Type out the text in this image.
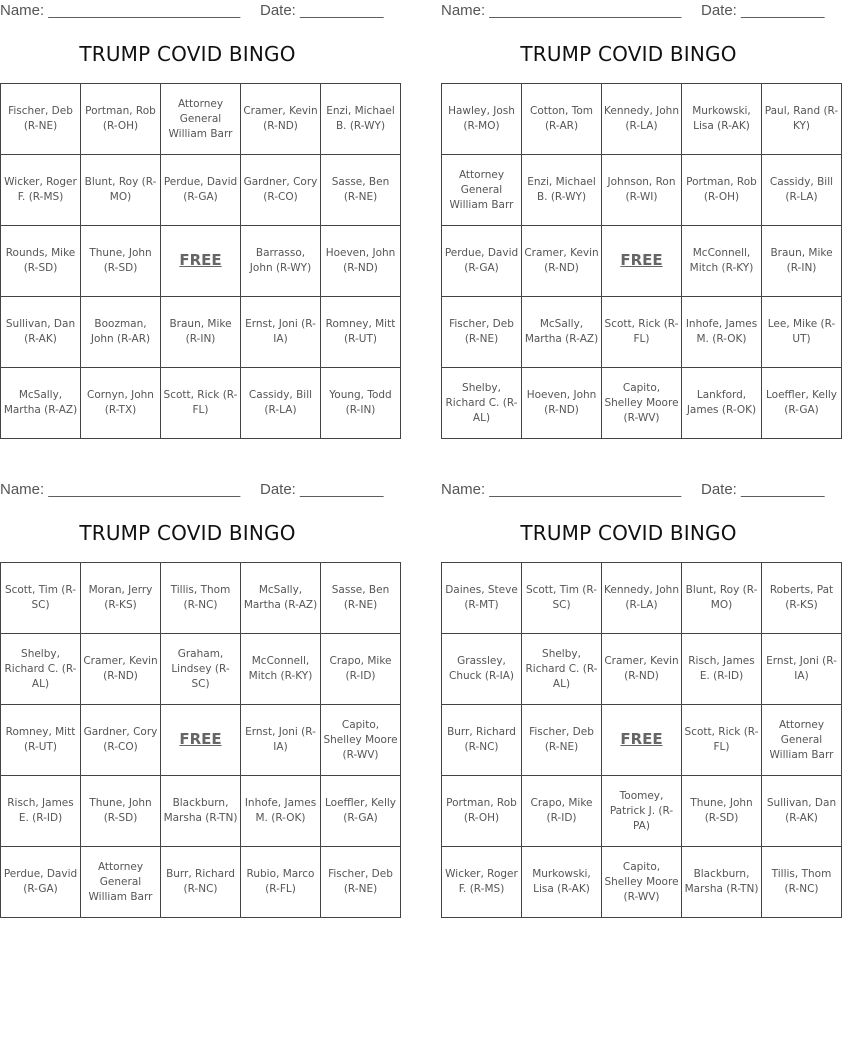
Name: _______________________ Date: __________
TRUMP COVID BINGO
Fischer, Deb (R-NE)	Portman, Rob (R-OH)	Attorney General William Barr	Cramer, Kevin (R-ND)	Enzi, Michael B. (R-WY)
Wicker, Roger F. (R-MS)	Blunt, Roy (R-MO)	Perdue, David (R-GA)	Gardner, Cory (R-CO)	Sasse, Ben (R-NE)
Rounds, Mike (R-SD)	Thune, John (R-SD)	FREE	Barrasso, John (R-WY)	Hoeven, John (R-ND)
Sullivan, Dan (R-AK)	Boozman, John (R-AR)	Braun, Mike (R-IN)	Ernst, Joni (R-IA)	Romney, Mitt (R-UT)
McSally, Martha (R-AZ)	Cornyn, John (R-TX)	Scott, Rick (R-FL)	Cassidy, Bill (R-LA)	Young, Todd (R-IN)
Name: _______________________ Date: __________
TRUMP COVID BINGO
Hawley, Josh (R-MO)	Cotton, Tom (R-AR)	Kennedy, John (R-LA)	Murkowski, Lisa (R-AK)	Paul, Rand (R-KY)
Attorney General William Barr	Enzi, Michael B. (R-WY)	Johnson, Ron (R-WI)	Portman, Rob (R-OH)	Cassidy, Bill (R-LA)
Perdue, David (R-GA)	Cramer, Kevin (R-ND)	FREE	McConnell, Mitch (R-KY)	Braun, Mike (R-IN)
Fischer, Deb (R-NE)	McSally, Martha (R-AZ)	Scott, Rick (R-FL)	Inhofe, James M. (R-OK)	Lee, Mike (R-UT)
Shelby, Richard C. (R-AL)	Hoeven, John (R-ND)	Capito, Shelley Moore (R-WV)	Lankford, James (R-OK)	Loeffler, Kelly (R-GA)
Name: _______________________ Date: __________
TRUMP COVID BINGO
Scott, Tim (R-SC)	Moran, Jerry (R-KS)	Tillis, Thom (R-NC)	McSally, Martha (R-AZ)	Sasse, Ben (R-NE)
Shelby, Richard C. (R-AL)	Cramer, Kevin (R-ND)	Graham, Lindsey (R-SC)	McConnell, Mitch (R-KY)	Crapo, Mike (R-ID)
Romney, Mitt (R-UT)	Gardner, Cory (R-CO)	FREE	Ernst, Joni (R-IA)	Capito, Shelley Moore (R-WV)
Risch, James E. (R-ID)	Thune, John (R-SD)	Blackburn, Marsha (R-TN)	Inhofe, James M. (R-OK)	Loeffler, Kelly (R-GA)
Perdue, David (R-GA)	Attorney General William Barr	Burr, Richard (R-NC)	Rubio, Marco (R-FL)	Fischer, Deb (R-NE)
Name: _______________________ Date: __________
TRUMP COVID BINGO
Daines, Steve (R-MT)	Scott, Tim (R-SC)	Kennedy, John (R-LA)	Blunt, Roy (R-MO)	Roberts, Pat (R-KS)
Grassley, Chuck (R-IA)	Shelby, Richard C. (R-AL)	Cramer, Kevin (R-ND)	Risch, James E. (R-ID)	Ernst, Joni (R-IA)
Burr, Richard (R-NC)	Fischer, Deb (R-NE)	FREE	Scott, Rick (R-FL)	Attorney General William Barr
Portman, Rob (R-OH)	Crapo, Mike (R-ID)	Toomey, Patrick J. (R-PA)	Thune, John (R-SD)	Sullivan, Dan (R-AK)
Wicker, Roger F. (R-MS)	Murkowski, Lisa (R-AK)	Capito, Shelley Moore (R-WV)	Blackburn, Marsha (R-TN)	Tillis, Thom (R-NC)
